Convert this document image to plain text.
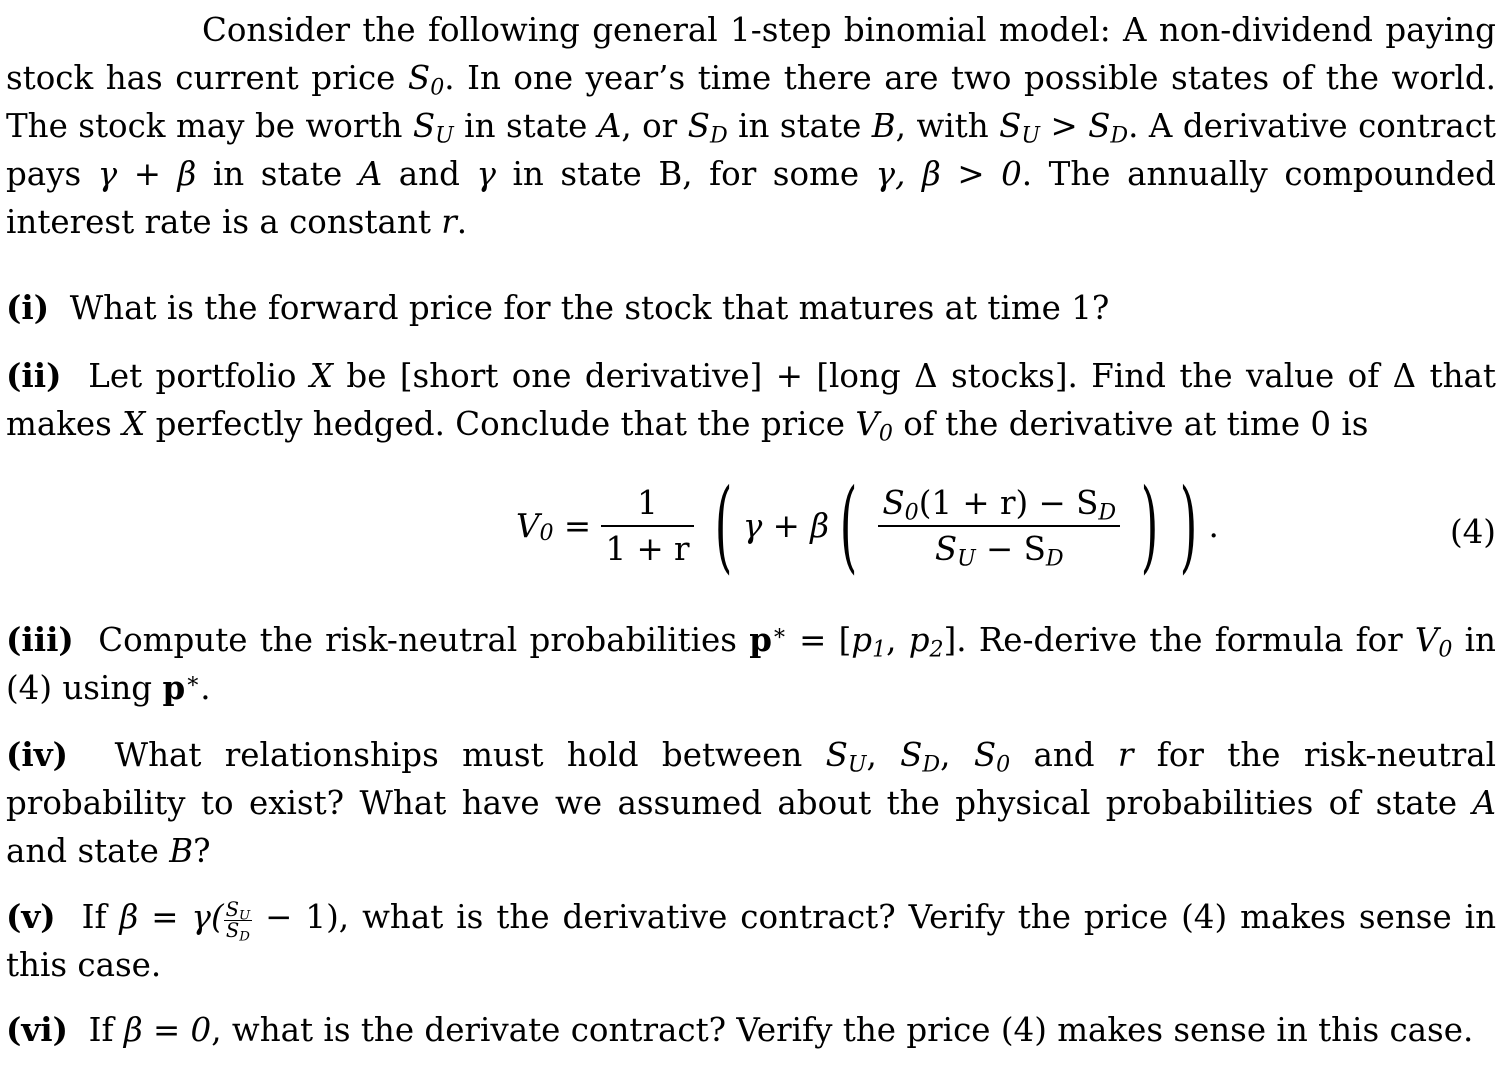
Consider the following general 1-step binomial model: A non-dividend paying stock has current price $S_0$. In one year’s time there are two possible states of the world. The stock may be worth $S_U$ in state A, or $S_D$ in state B, with $S_U > S_D$. A derivative contract pays γ + β in state A and γ in state B, for some γ, β > 0. The annually compounded interest rate is a constant r.

(i) What is the forward price for the stock that matures at time 1?
(ii) Let portfolio X be [short one derivative] + [long Δ stocks]. Find the value of Δ that makes X perfectly hedged. Conclude that the price $V_0$ of the derivative at time 0 is
$V_0 = \frac{1}{1 + r}$ ( γ + β ( $\frac{S_0(1 + r) - S_D}{S_U - S_D}$ ) ) .	(4)
(iii) Compute the risk-neutral probabilities $p^∗ = [p_1$, $p_2$]. Re-derive the formula for $V_0$ in (4) using p∗.
(iv) What relationships must hold between $S_U$, $S_D$, $S_0$ and r for the risk-neutral probability to exist? What have we assumed about the physical probabilities of state A and state B?
(v) If $\beta = \gamma( \frac{S_U}{S_D} - 1)$, what is the derivative contract? Verify the price (4) makes sense in this case.
(vi) If β = 0, what is the derivate contract? Verify the price (4) makes sense in this case.
